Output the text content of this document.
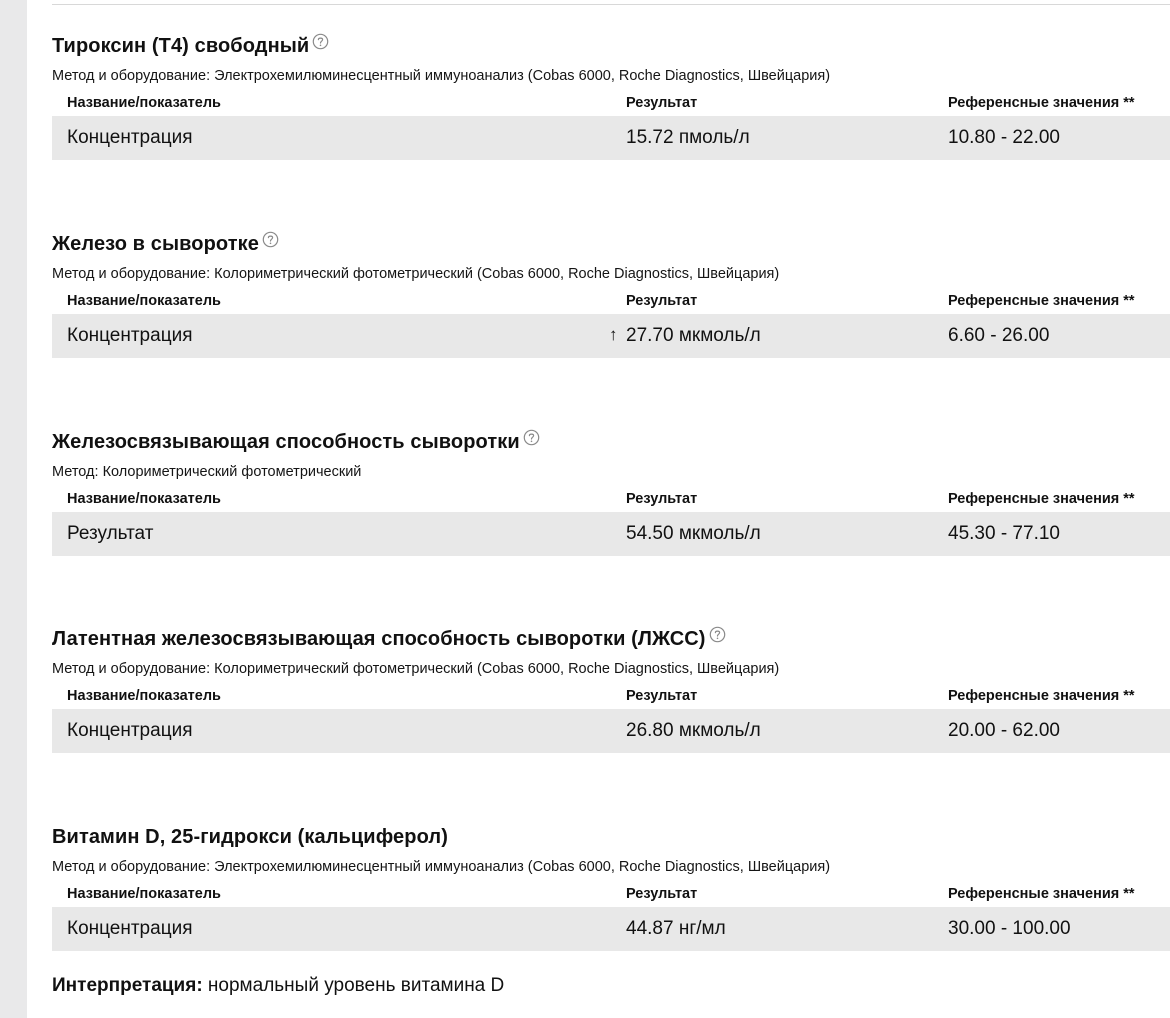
Тироксин (Т4) свободный
Метод и оборудование: Электрохемилюминесцентный иммуноанализ (Cobas 6000, Roche Diagnostics, Швейцария)
Название/показатель	Результат	Референсные значения **
Концентрация	15.72 пмоль/л	10.80 - 22.00
Железо в сыворотке
Метод и оборудование: Колориметрический фотометрический (Cobas 6000, Roche Diagnostics, Швейцария)
Название/показатель	Результат	Референсные значения **
Концентрация	↑ 27.70 мкмоль/л	6.60 - 26.00
Железосвязывающая способность сыворотки
Метод: Колориметрический фотометрический
Название/показатель	Результат	Референсные значения **
Результат	54.50 мкмоль/л	45.30 - 77.10
Латентная железосвязывающая способность сыворотки (ЛЖСС)
Метод и оборудование: Колориметрический фотометрический (Cobas 6000, Roche Diagnostics, Швейцария)
Название/показатель	Результат	Референсные значения **
Концентрация	26.80 мкмоль/л	20.00 - 62.00
Витамин D, 25-гидрокси (кальциферол)
Метод и оборудование: Электрохемилюминесцентный иммуноанализ (Cobas 6000, Roche Diagnostics, Швейцария)
Название/показатель	Результат	Референсные значения **
Концентрация	44.87 нг/мл	30.00 - 100.00
Интерпретация: нормальный уровень витамина D
